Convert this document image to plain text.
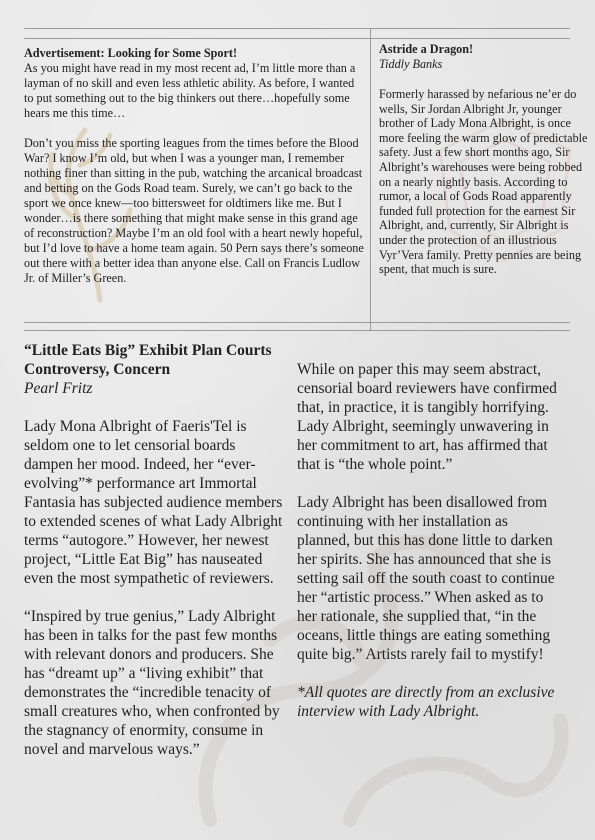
Advertisement: Looking for Some Sport!
As you might have read in my most recent ad, I’m little more than a layman of no skill and even less athletic ability. As before, I wanted to put something out to the big thinkers out there…hopefully some hears me this time…

Don’t you miss the sporting leagues from the times before the Blood War? I know I’m old, but when I was a younger man, I remember nothing finer than sitting in the pub, watching the arcanical broadcast and betting on the Gods Road team. Surely, we can’t go back to the sport we once knew—too bittersweet for oldtimers like me. But I wonder…is there something that might make sense in this grand age of reconstruction? Maybe I’m an old fool with a heart newly hopeful, but I’d love to have a home team again. 50 Pern says there’s someone out there with a better idea than anyone else. Call on Francis Ludlow Jr. of Miller’s Green.
Astride a Dragon!
Tiddly Banks
Formerly harassed by nefarious ne’er do wells, Sir Jordan Albright Jr, younger brother of Lady Mona Albright, is once more feeling the warm glow of predictable safety. Just a few short months ago, Sir Albright’s warehouses were being robbed on a nearly nightly basis. According to rumor, a local of Gods Road apparently funded full protection for the earnest Sir Albright, and, currently, Sir Albright is under the protection of an illustrious Vyr’Vera family. Pretty pennies are being spent, that much is sure.
“Little Eats Big” Exhibit Plan Courts Controversy, Concern
Pearl Fritz
Lady Mona Albright of Faeris'Tel is seldom one to let censorial boards dampen her mood. Indeed, her “ever-evolving”* performance art Immortal Fantasia has subjected audience members to extended scenes of what Lady Albright terms “autogore.” However, her newest project, “Little Eat Big” has nauseated even the most sympathetic of reviewers.

“Inspired by true genius,” Lady Albright has been in talks for the past few months with relevant donors and producers. She has “dreamt up” a “living exhibit” that demonstrates the “incredible tenacity of small creatures who, when confronted by the stagnancy of enormity, consume in novel and marvelous ways.”
While on paper this may seem abstract, censorial board reviewers have confirmed that, in practice, it is tangibly horrifying. Lady Albright, seemingly unwavering in her commitment to art, has affirmed that that is “the whole point.”

Lady Albright has been disallowed from continuing with her installation as planned, but this has done little to darken her spirits. She has announced that she is setting sail off the south coast to continue her “artistic process.” When asked as to her rationale, she supplied that, “in the oceans, little things are eating something quite big.” Artists rarely fail to mystify!
*All quotes are directly from an exclusive interview with Lady Albright.
